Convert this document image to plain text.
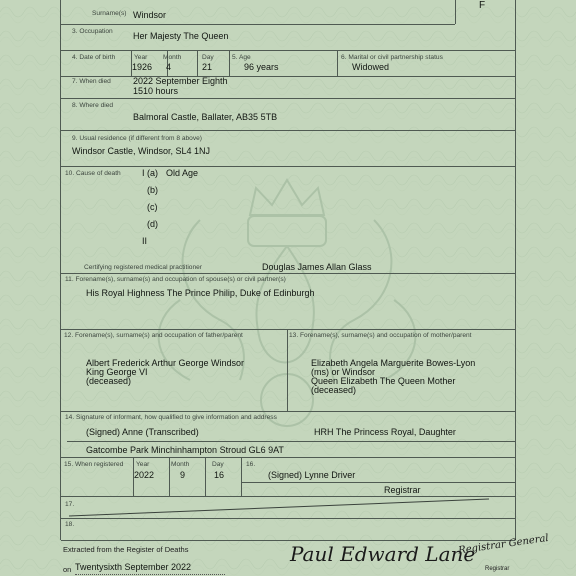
F
Surname(s) Windsor
3. Occupation Her Majesty The Queen
4. Date of birth	Year
1926
Month
4
Day
21
5. Age
96 years
6. Marital or civil partnership status
Widowed
7. When died 2022 September Eighth
1510 hours
8. Where died
Balmoral Castle, Ballater, AB35 5TB
9. Usual residence (if different from 8 above)
Windsor Castle, Windsor, SL4 1NJ
10. Cause of death I (a) Old Age
(b)
(c)
(d)
II
Certifying registered medical practitioner	Douglas James Allan Glass
11. Forename(s), surname(s) and occupation of spouse(s) or civil partner(s)
His Royal Highness The Prince Philip, Duke of Edinburgh
12. Forename(s), surname(s) and occupation of father/parent
Albert Frederick Arthur George Windsor
King George VI
(deceased)
13. Forename(s), surname(s) and occupation of mother/parent
Elizabeth Angela Marguerite Bowes-Lyon
(ms) or Windsor
Queen Elizabeth The Queen Mother
(deceased)
14. Signature of informant, how qualified to give information and address
(Signed) Anne (Transcribed)	HRH The Princess Royal, Daughter
Gatcombe Park Minchinhampton Stroud GL6 9AT
15. When registered Year
2022
Month
9
Day
16
16.
(Signed) Lynne Driver
Registrar
17.
18.
Extracted from the Register of Deaths
on Twentysixth September 2022
Paul Edward Lane
Registrar General
Registrar
